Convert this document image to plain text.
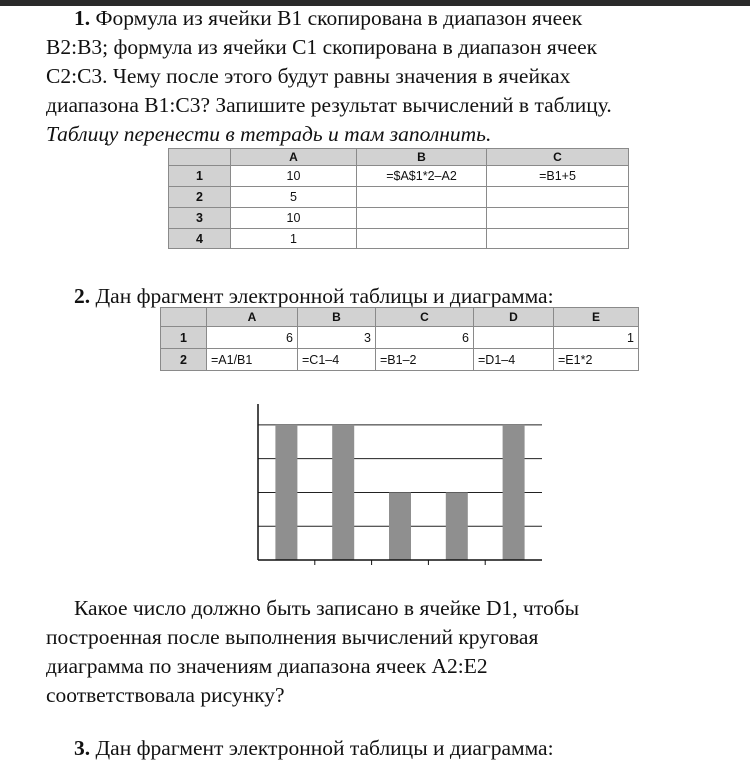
1. Формула из ячейки B1 скопирована в диапазон ячеек

B2:B3; формула из ячейки C1 скопирована в диапазон ячеек

C2:C3. Чему после этого будут равны значения в ячейках

диапазона B1:C3? Запишите результат вычислений в таблицу.

Таблицу перенести в тетрадь и там заполнить.

	A	B	C
1	10	=$A$1*2–A2	=B1+5
2	5		
3	10		
4	1		

2. Дан фрагмент электронной таблицы и диаграмма:

	A	B	C	D	E
1	6	3	6		1
2	=A1/B1	=C1–4	=B1–2	=D1–4	=E1*2

Какое число должно быть записано в ячейке D1, чтобы

построенная после выполнения вычислений круговая

диаграмма по значениям диапазона ячеек A2:E2

соответствовала рисунку?

3. Дан фрагмент электронной таблицы и диаграмма:
